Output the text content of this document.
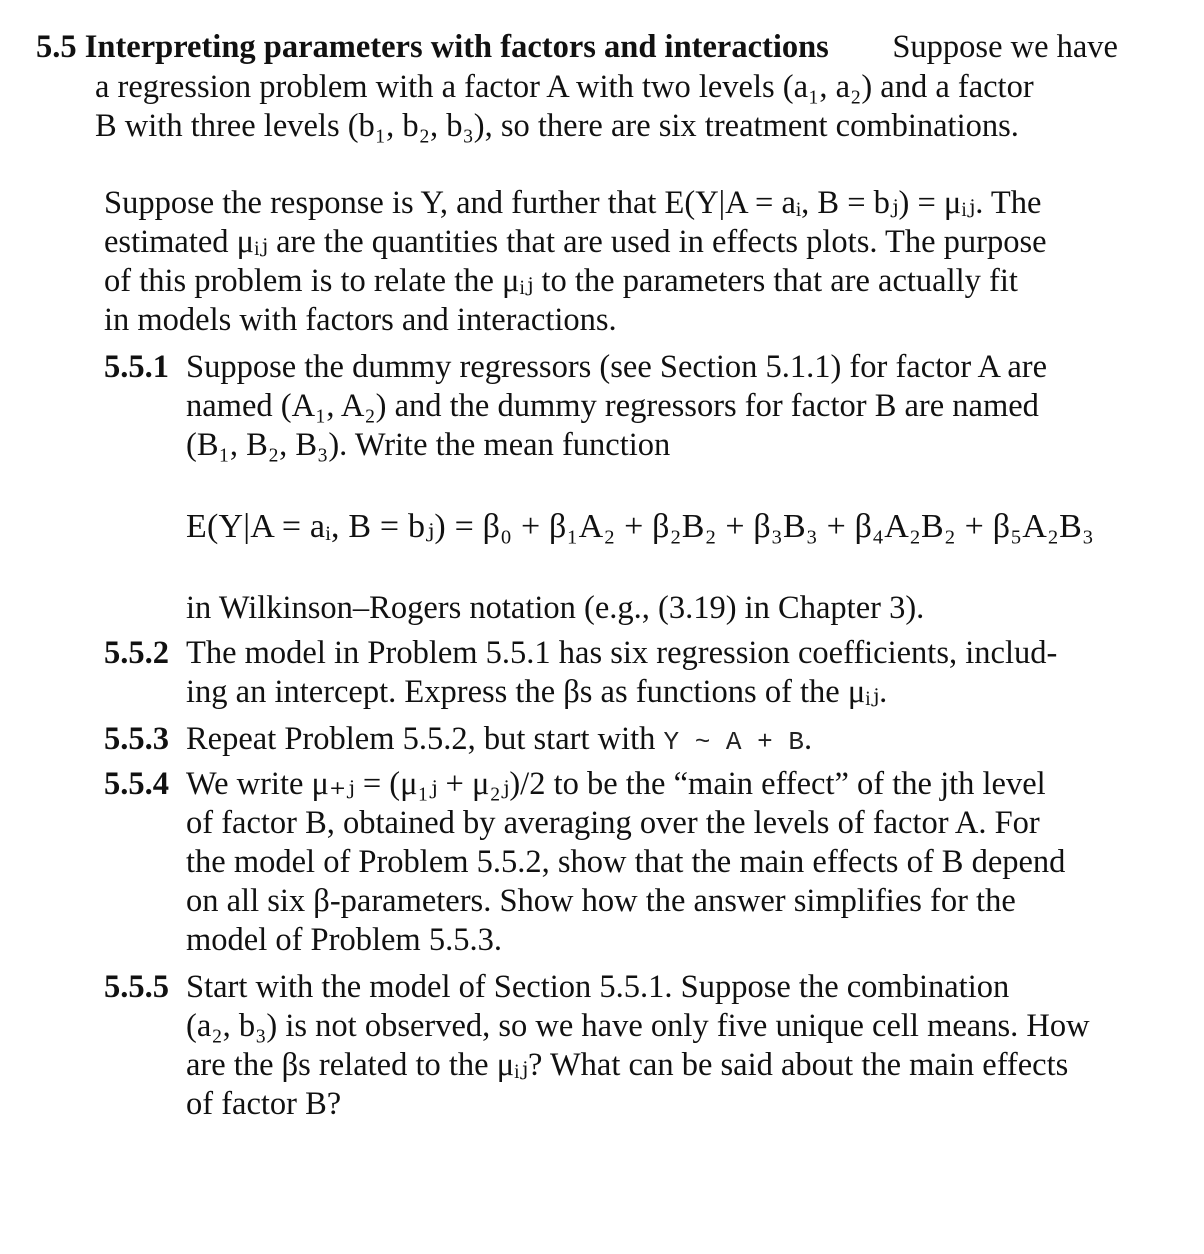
5.5 Interpreting parameters with factors and interactions Suppose we have
a regression problem with a factor A with two levels (a₁, a₂) and a factor
B with three levels (b₁, b₂, b₃), so there are six treatment combinations.
Suppose the response is Y, and further that E(Y|A = aᵢ, B = bⱼ) = μᵢⱼ. The
estimated μᵢⱼ are the quantities that are used in effects plots. The purpose
of this problem is to relate the μᵢⱼ to the parameters that are actually fit
in models with factors and interactions.
5.5.1 Suppose the dummy regressors (see Section 5.1.1) for factor A are
named (A₁, A₂) and the dummy regressors for factor B are named
(B₁, B₂, B₃). Write the mean function
E(Y|A = aᵢ, B = bⱼ) = β₀ + β₁A₂ + β₂B₂ + β₃B₃ + β₄A₂B₂ + β₅A₂B₃
in Wilkinson–Rogers notation (e.g., (3.19) in Chapter 3).
5.5.2 The model in Problem 5.5.1 has six regression coefficients, includ-
ing an intercept. Express the βs as functions of the μᵢⱼ.
5.5.3 Repeat Problem 5.5.2, but start with Y ~ A + B.
5.5.4 We write μ₊ⱼ = (μ₁ⱼ + μ₂ⱼ)/2 to be the “main effect” of the jth level
of factor B, obtained by averaging over the levels of factor A. For
the model of Problem 5.5.2, show that the main effects of B depend
on all six β-parameters. Show how the answer simplifies for the
model of Problem 5.5.3.
5.5.5 Start with the model of Section 5.5.1. Suppose the combination
(a₂, b₃) is not observed, so we have only five unique cell means. How
are the βs related to the μᵢⱼ? What can be said about the main effects
of factor B?
